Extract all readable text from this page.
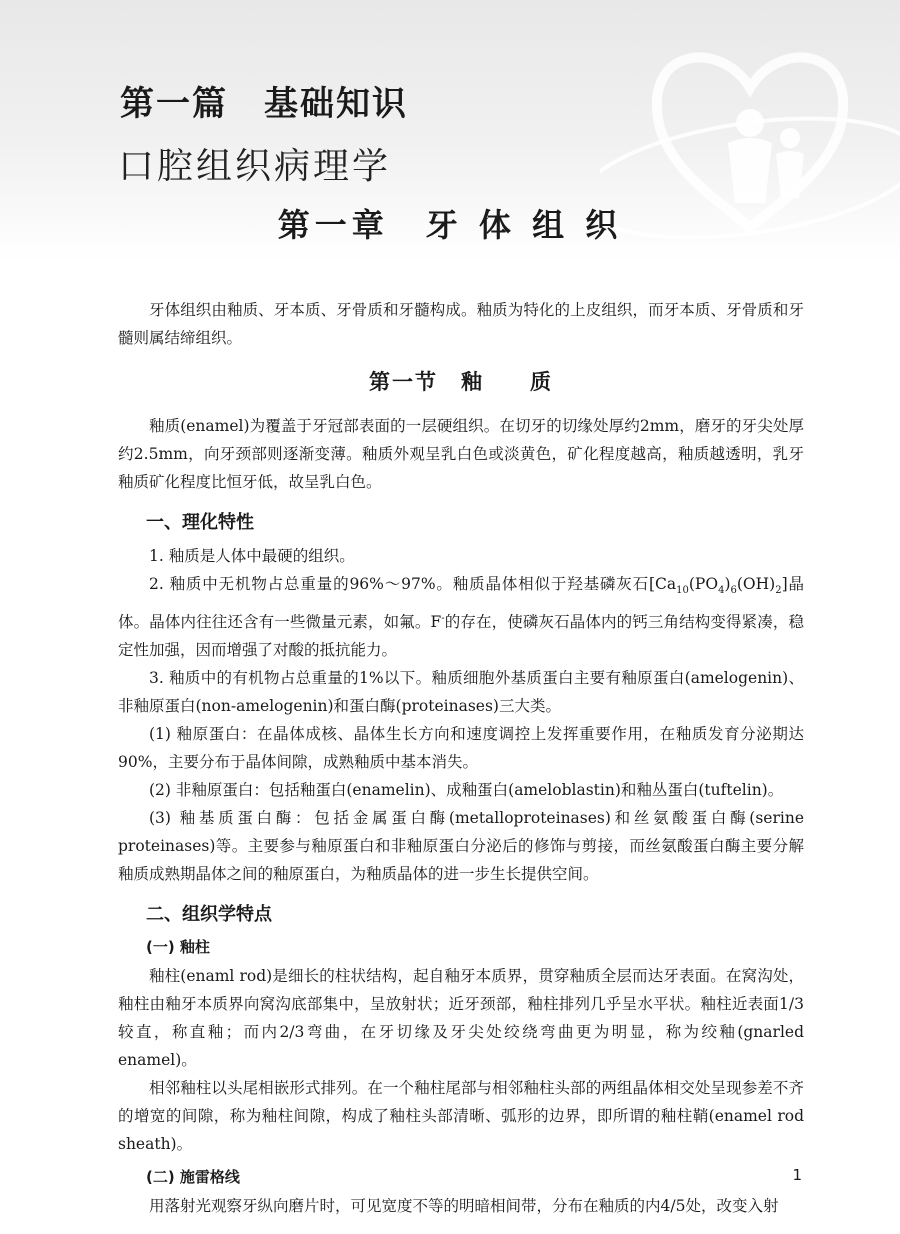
第一篇　基础知识
口腔组织病理学
第一章　牙 体 组 织

牙体组织由釉质、牙本质、牙骨质和牙髓构成。釉质为特化的上皮组织，而牙本质、牙骨质和牙髓则属结缔组织。

第一节　釉　　质

釉质(enamel)为覆盖于牙冠部表面的一层硬组织。在切牙的切缘处厚约2mm，磨牙的牙尖处厚约2.5mm，向牙颈部则逐渐变薄。釉质外观呈乳白色或淡黄色，矿化程度越高，釉质越透明，乳牙釉质矿化程度比恒牙低，故呈乳白色。

一、理化特性

1. 釉质是人体中最硬的组织。

2. 釉质中无机物占总重量的96%～97%。釉质晶体相似于羟基磷灰石$[Ca_{10}(PO_4)_6(OH)_2]$晶体。晶体内往往还含有一些微量元素，如氟。F-的存在，使磷灰石晶体内的钙三角结构变得紧凑，稳定性加强，因而增强了对酸的抵抗能力。

3. 釉质中的有机物占总重量的1%以下。釉质细胞外基质蛋白主要有釉原蛋白(amelogenin)、非釉原蛋白(non-amelogenin)和蛋白酶(proteinases)三大类。

(1) 釉原蛋白：在晶体成核、晶体生长方向和速度调控上发挥重要作用，在釉质发育分泌期达90%，主要分布于晶体间隙，成熟釉质中基本消失。

(2) 非釉原蛋白：包括釉蛋白(enamelin)、成釉蛋白(ameloblastin)和釉丛蛋白(tuftelin)。

(3) 釉基质蛋白酶：包括金属蛋白酶(metalloproteinases)和丝氨酸蛋白酶(serine proteinases)等。主要参与釉原蛋白和非釉原蛋白分泌后的修饰与剪接，而丝氨酸蛋白酶主要分解釉质成熟期晶体之间的釉原蛋白，为釉质晶体的进一步生长提供空间。

二、组织学特点
(一) 釉柱

釉柱(enaml rod)是细长的柱状结构，起自釉牙本质界，贯穿釉质全层而达牙表面。在窝沟处，釉柱由釉牙本质界向窝沟底部集中，呈放射状；近牙颈部，釉柱排列几乎呈水平状。釉柱近表面1/3较直，称直釉；而内2/3弯曲，在牙切缘及牙尖处绞绕弯曲更为明显，称为绞釉(gnarled enamel)。

相邻釉柱以头尾相嵌形式排列。在一个釉柱尾部与相邻釉柱头部的两组晶体相交处呈现参差不齐的增宽的间隙，称为釉柱间隙，构成了釉柱头部清晰、弧形的边界，即所谓的釉柱鞘(enamel rod sheath)。

(二) 施雷格线

用落射光观察牙纵向磨片时，可见宽度不等的明暗相间带，分布在釉质的内4/5处，改变入射

1
